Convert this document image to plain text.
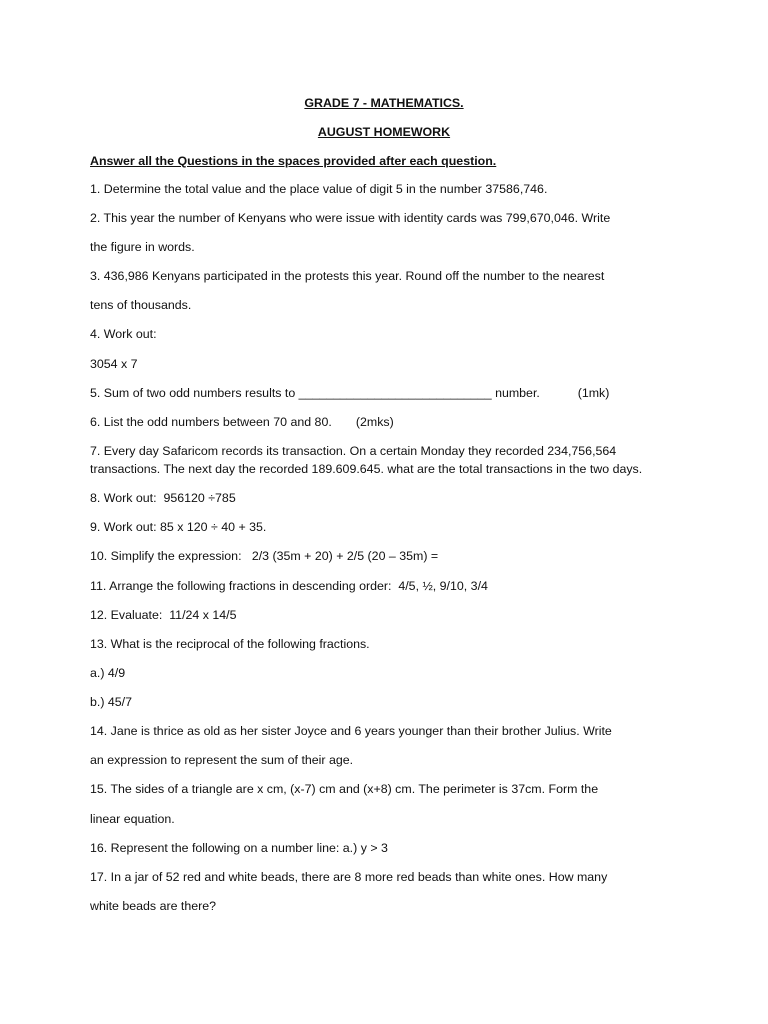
GRADE 7 - MATHEMATICS.
AUGUST HOMEWORK
Answer all the Questions in the spaces provided after each question.
1. Determine the total value and the place value of digit 5 in the number 37586,746.
2. This year the number of Kenyans who were issue with identity cards was 799,670,046. Write
the figure in words.
3. 436,986 Kenyans participated in the protests this year. Round off the number to the nearest
tens of thousands.
4. Work out:
3054 x 7
5. Sum of two odd numbers results to ____________________________ number.           (1mk)
6. List the odd numbers between 70 and 80.       (2mks)
7. Every day Safaricom records its transaction. On a certain Monday they recorded 234,756,564
transactions. The next day the recorded 189.609.645. what are the total transactions in the two days.
8. Work out:  956120 ÷785
9. Work out: 85 x 120 ÷ 40 + 35.
10. Simplify the expression:   2/3 (35m + 20) + 2/5 (20 – 35m) =
11. Arrange the following fractions in descending order:  4/5, ½, 9/10, 3/4
12. Evaluate:  11/24 x 14/5
13. What is the reciprocal of the following fractions.
a.) 4/9
b.) 45/7
14. Jane is thrice as old as her sister Joyce and 6 years younger than their brother Julius. Write
an expression to represent the sum of their age.
15. The sides of a triangle are x cm, (x-7) cm and (x+8) cm. The perimeter is 37cm. Form the
linear equation.
16. Represent the following on a number line: a.) y > 3
17. In a jar of 52 red and white beads, there are 8 more red beads than white ones. How many
white beads are there?
